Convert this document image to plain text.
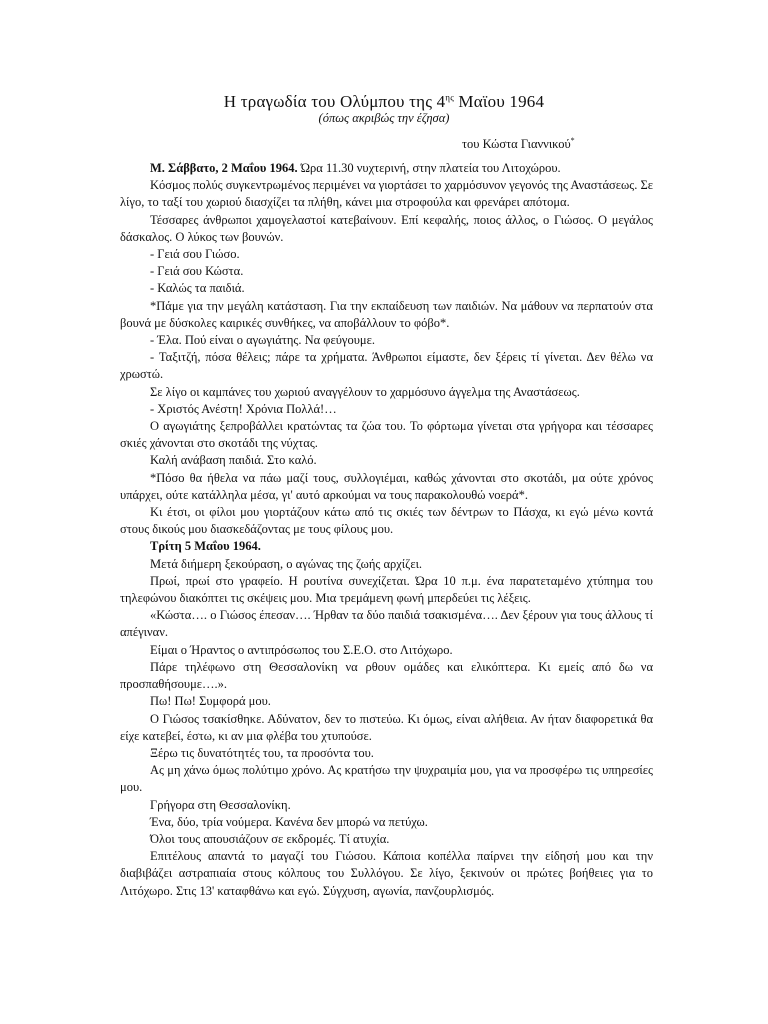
Η τραγωδία του Ολύμπου της $4^{\eta\varsigma}$ Μαϊου 1964
(όπως ακριβώς την έζησα)
του Κώστα Γιαννικού*

Μ. Σάββατο, 2 Μαΐου 1964. Ώρα 11.30 νυχτερινή, στην πλατεία του Λιτοχώρου.

Κόσμος πολύς συγκεντρωμένος περιμένει να γιορτάσει το χαρμόσυνον γεγονός της Αναστάσεως. Σε λίγο, το ταξί του χωριού διασχίζει τα πλήθη, κάνει μια στροφούλα και φρενάρει απότομα.

Τέσσαρες άνθρωποι χαμογελαστοί κατεβαίνουν. Επί κεφαλής, ποιος άλλος, ο Γιώσος. Ο μεγάλος δάσκαλος. Ο λύκος των βουνών.

- Γειά σου Γιώσο.

- Γειά σου Κώστα.

- Καλώς τα παιδιά.

*Πάμε για την μεγάλη κατάσταση. Για την εκπαίδευση των παιδιών. Να μάθουν να περπατούν στα βουνά με δύσκολες καιρικές συνθήκες, να αποβάλλουν το φόβο*.

- Έλα. Πού είναι ο αγωγιάτης. Να φεύγουμε.

- Ταξιτζή, πόσα θέλεις; πάρε τα χρήματα. Άνθρωποι είμαστε, δεν ξέρεις τί γίνεται. Δεν θέλω να χρωστώ.

Σε λίγο οι καμπάνες του χωριού αναγγέλουν το χαρμόσυνο άγγελμα της Αναστάσεως.

- Χριστός Ανέστη! Χρόνια Πολλά!…

Ο αγωγιάτης ξεπροβάλλει κρατώντας τα ζώα του. Το φόρτωμα γίνεται στα γρήγορα και τέσσαρες σκιές χάνονται στο σκοτάδι της νύχτας.

Καλή ανάβαση παιδιά. Στο καλό.

*Πόσο θα ήθελα να πάω μαζί τους, συλλογιέμαι, καθώς χάνονται στο σκοτάδι, μα ούτε χρόνος υπάρχει, ούτε κατάλληλα μέσα, γι' αυτό αρκούμαι να τους παρακολουθώ νοερά*.

Κι έτσι, οι φίλοι μου γιορτάζουν κάτω από τις σκιές των δέντρων το Πάσχα, κι εγώ μένω κοντά στους δικούς μου διασκεδάζοντας με τους φίλους μου.

Τρίτη 5 Μαΐου 1964.

Μετά διήμερη ξεκούραση, ο αγώνας της ζωής αρχίζει.

Πρωί, πρωί στο γραφείο. Η ρουτίνα συνεχίζεται. Ώρα 10 π.μ. ένα παρατεταμένο χτύπημα του τηλεφώνου διακόπτει τις σκέψεις μου. Μια τρεμάμενη φωνή μπερδεύει τις λέξεις.

«Κώστα…. ο Γιώσος έπεσαν…. Ήρθαν τα δύο παιδιά τσακισμένα…. Δεν ξέρουν για τους άλλους τί απέγιναν.

Είμαι ο Ήραντος ο αντιπρόσωπος του Σ.Ε.Ο. στο Λιτόχωρο.

Πάρε τηλέφωνο στη Θεσσαλονίκη να ρθουν ομάδες και ελικόπτερα. Κι εμείς από δω να προσπαθήσουμε….».

Πω! Πω! Συμφορά μου.

Ο Γιώσος τσακίσθηκε. Αδύνατον, δεν το πιστεύω. Κι όμως, είναι αλήθεια. Αν ήταν διαφορετικά θα είχε κατεβεί, έστω, κι αν μια φλέβα του χτυπούσε.

Ξέρω τις δυνατότητές του, τα προσόντα του.

Ας μη χάνω όμως πολύτιμο χρόνο. Ας κρατήσω την ψυχραιμία μου, για να προσφέρω τις υπηρεσίες μου.

Γρήγορα στη Θεσσαλονίκη.

Ένα, δύο, τρία νούμερα. Κανένα δεν μπορώ να πετύχω.

Όλοι τους απουσιάζουν σε εκδρομές. Τί ατυχία.

Επιτέλους απαντά το μαγαζί του Γιώσου. Κάποια κοπέλλα παίρνει την είδησή μου και την διαβιβάζει αστραπιαία στους κόλπους του Συλλόγου. Σε λίγο, ξεκινούν οι πρώτες βοήθειες για το Λιτόχωρο. Στις 13' καταφθάνω και εγώ. Σύγχυση, αγωνία, πανζουρλισμός.
